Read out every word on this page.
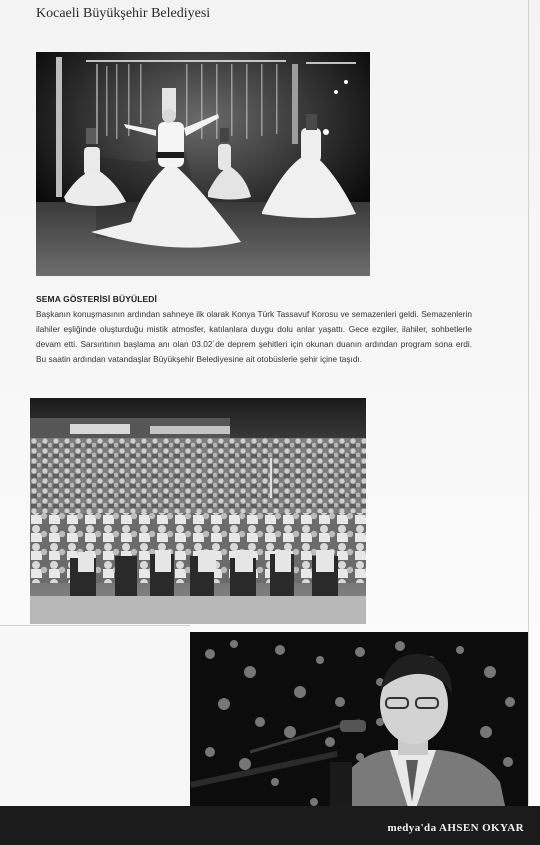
Kocaeli Büyükşehir Belediyesi
SEMA GÖSTERİSİ BÜYÜLEDİ
Başkanın konuşmasının ardından sahneye ilk olarak Konya Türk Tassavuf Korosu ve semazenleri geldi. Semazenlerin ilahiler eşliğinde oluşturduğu mistik atmosfer, katılanlara duygu dolu anlar yaşattı. Gece ezgiler, ilahiler, sohbetlerle devam etti. Sarsıntının başlama anı olan 03.02´de deprem şehitleri için okunan duanın ardından program sona erdi. Bu saatin ardından vatandaşlar Büyükşehir Belediyesine ait otobüslerle şehir içine taşıdı.
medya'da AHSEN OKYAR
